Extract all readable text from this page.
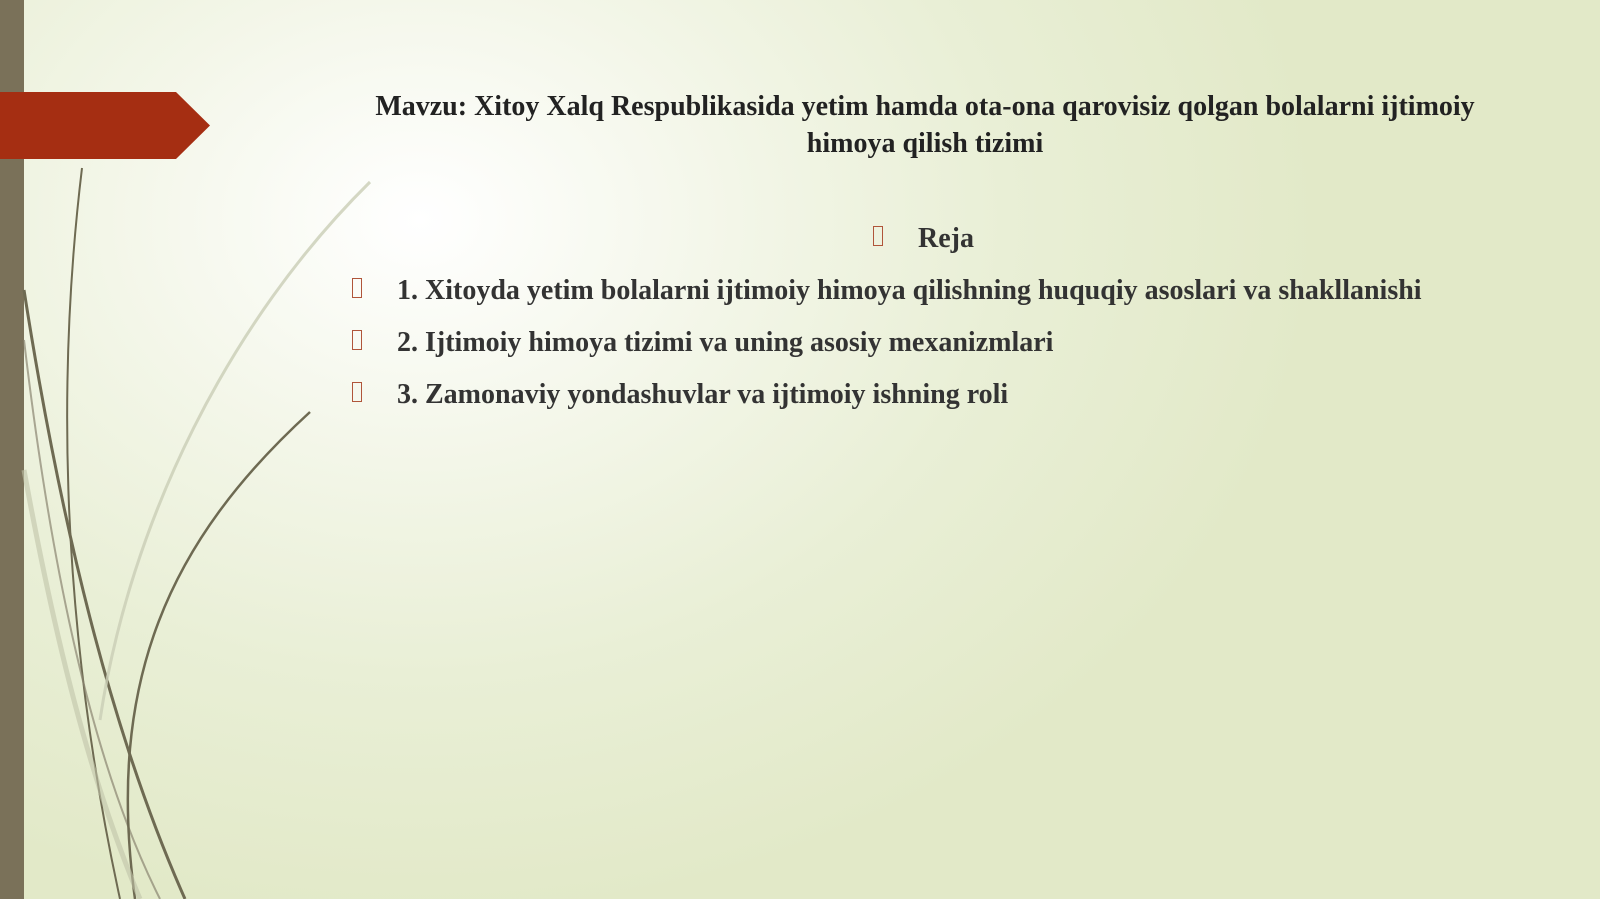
Mavzu: Xitoy Xalq Respublikasida yetim hamda ota-ona qarovisiz qolgan bolalarni ijtimoiy himoya qilish tizimi
Reja
1. Xitoyda yetim bolalarni ijtimoiy himoya qilishning huquqiy asoslari va shakllanishi
2. Ijtimoiy himoya tizimi va uning asosiy mexanizmlari
3. Zamonaviy yondashuvlar va ijtimoiy ishning roli
